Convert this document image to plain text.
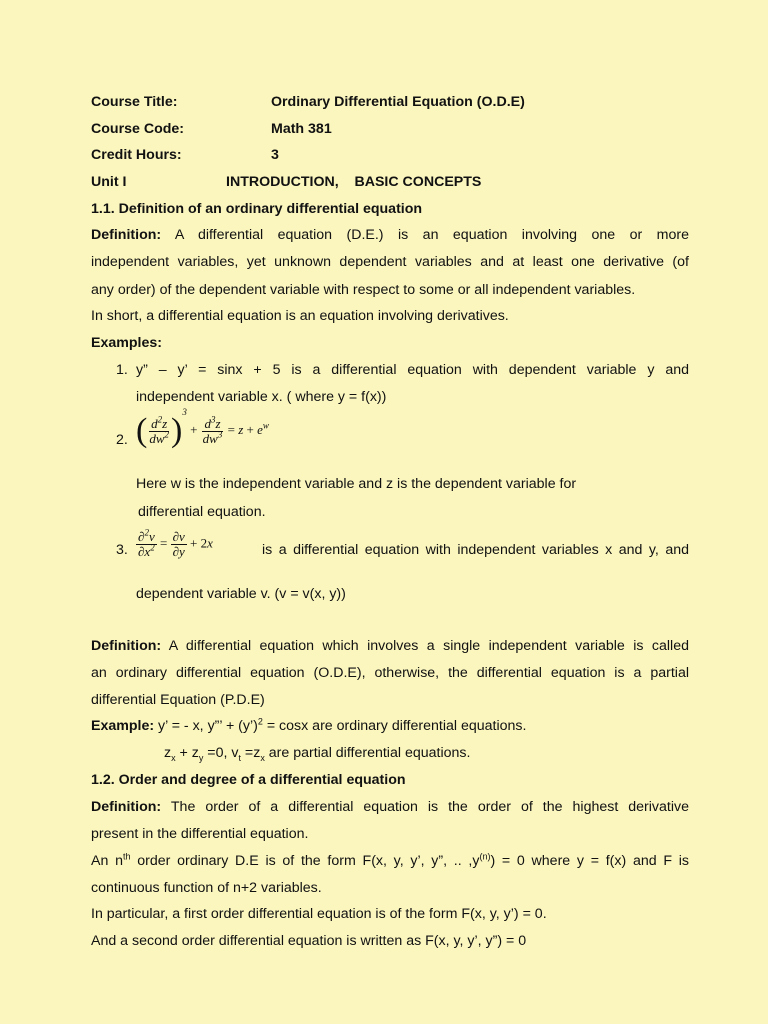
Course Title:	Ordinary Differential Equation (O.D.E)
Course Code:	Math 381
Credit Hours:	3
Unit I	INTRODUCTION,    BASIC CONCEPTS
1.1. Definition of an ordinary differential equation
Definition: A differential equation (D.E.) is an equation involving one or more
independent variables, yet unknown dependent variables and at least one derivative (of
any order) of the dependent variable with respect to some or all independent variables.
In short, a differential equation is an equation involving derivatives.
Examples:
1. y” – y’ = sinx + 5 is a differential equation with dependent variable y and
independent variable x. ( where y = f(x))
2. ( $\frac{d^2z}{dw^2} )^3 + \frac{d^3z}{dw^3} = z + e^w$
Here w is the independent variable and z is the dependent variable for
differential equation.
3. $\frac{\partial^2v}{\partial x^2} = \frac{\partial v}{\partial y} + 2x$	is a differential equation with independent variables x and y, and
dependent variable v. (v = v(x, y))
Definition: A differential equation which involves a single independent variable is called
an ordinary differential equation (O.D.E), otherwise, the differential equation is a partial
differential Equation (P.D.E)
Example: y’ = - x, y”’ + (y’)$^2$ = cosx are ordinary differential equations.
$z_x + z_y =0$, $v_t =z_x$ are partial differential equations.
1.2. Order and degree of a differential equation
Definition: The order of a differential equation is the order of the highest derivative
present in the differential equation.
An $n^{th}$ order ordinary D.E is of the form F(x, y, y’, y”, .. $,y^{(n)}) = 0$ where y = f(x) and F is
continuous function of n+2 variables.
In particular, a first order differential equation is of the form F(x, y, y’) = 0.
And a second order differential equation is written as F(x, y, y’, y”) = 0
